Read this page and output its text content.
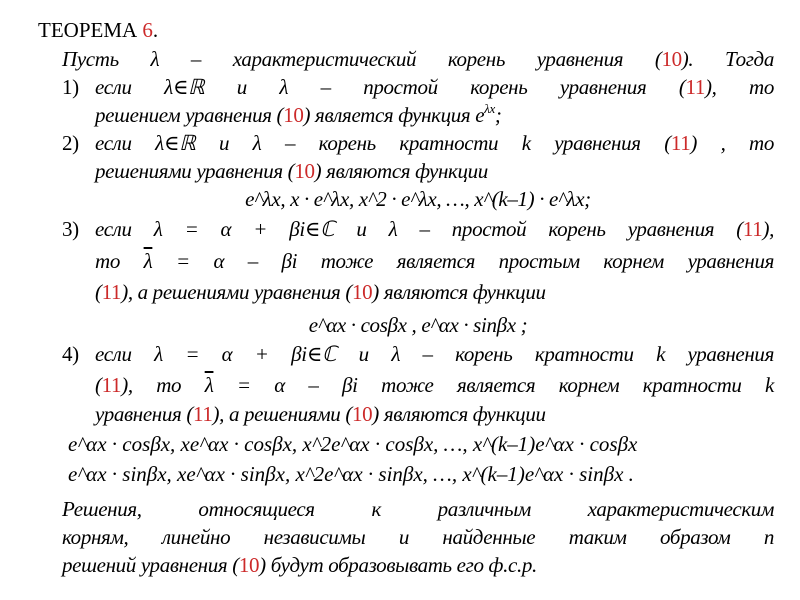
ТЕОРЕМА 6.
Пусть λ – характеристический корень уравнения (10). Тогда
1) если λ∈ℝ и λ – простой корень уравнения (11), то
решением уравнения (10) является функция $e^{\lambda x}$;
2) если λ∈ℝ и λ – корень кратности k уравнения (11) , то
решениями уравнения (10) являются функции
e^λx, x · e^λx, x^2 · e^λx, …, x^(k–1) · e^λx;
3) если λ = α + βi∈ℂ и λ – простой корень уравнения (11),
то $\overline{\lambda} = \alpha - \beta i$ тоже является простым корнем уравнения
(11), а решениями уравнения (10) являются функции
e^αx · cosβx , e^αx · sinβx ;
4) если λ = α + βi∈ℂ и λ – корень кратности k уравнения
(11), то $\overline{\lambda} = \alpha - \beta i$ тоже является корнем кратности k
уравнения (11), а решениями (10) являются функции
e^αx · cosβx, xe^αx · cosβx, x^2e^αx · cosβx, …, x^(k–1)e^αx · cosβx
e^αx · sinβx, xe^αx · sinβx, x^2e^αx · sinβx, …, x^(k–1)e^αx · sinβx .
Решения, относящиеся к различным характеристическим
корням, линейно независимы и найденные таким образом n
решений уравнения (10) будут образовывать его ф.с.р.
